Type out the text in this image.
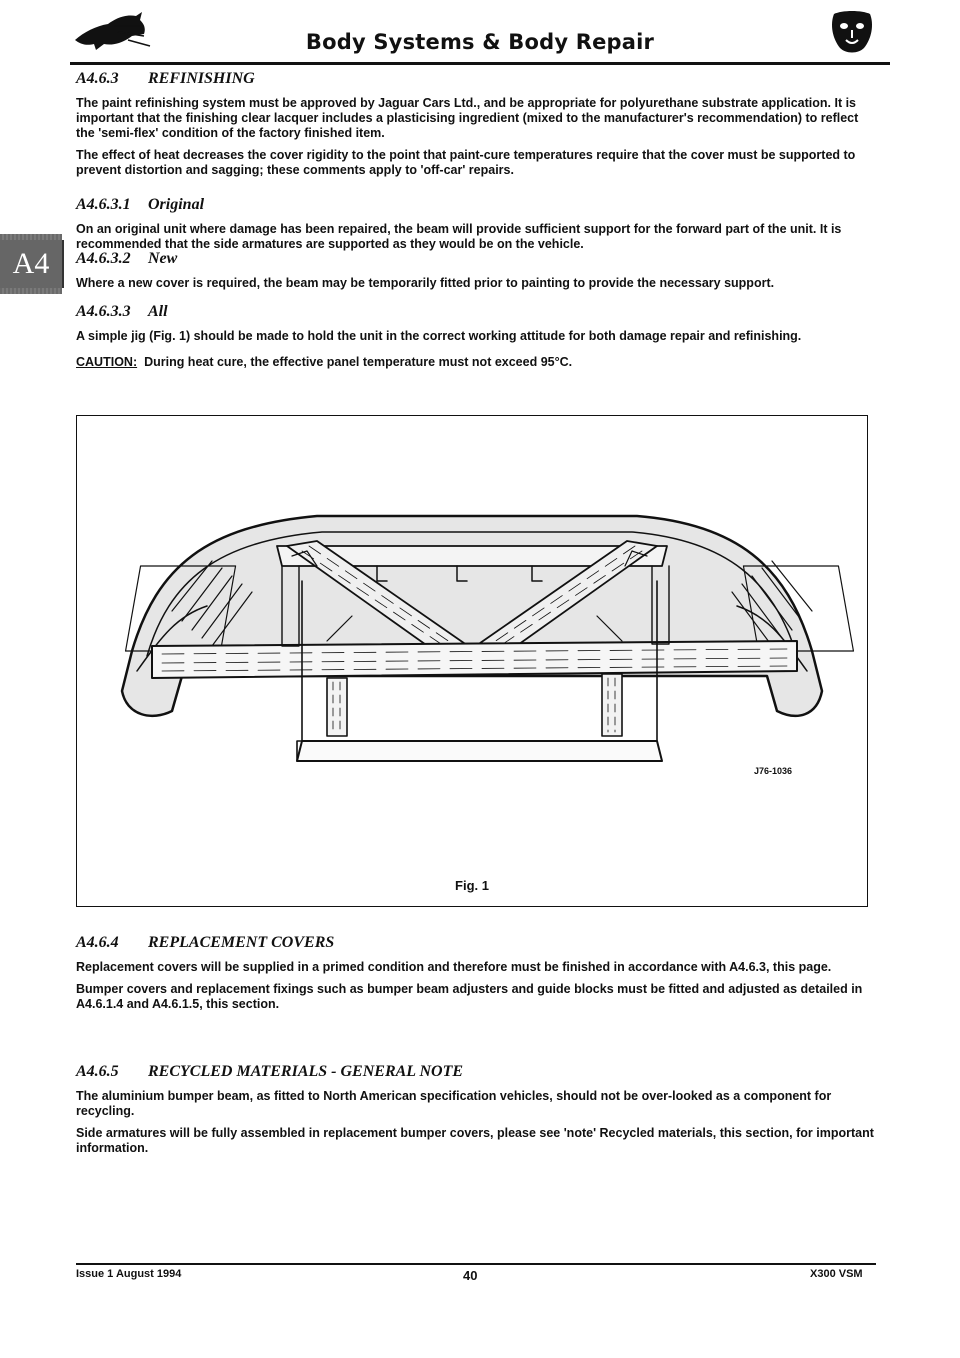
Body Systems & Body Repair
A4
A4.6.3 REFINISHING

The paint refinishing system must be approved by Jaguar Cars Ltd., and be appropriate for polyurethane substrate application. It is important that the finishing clear lacquer includes a plasticising ingredient (mixed to the manufacturer's recommendation) to reflect the 'semi-flex' condition of the factory finished item.

The effect of heat decreases the cover rigidity to the point that paint-cure temperatures require that the cover must be supported to prevent distortion and sagging; these comments apply to 'off-car' repairs.

A4.6.3.1 Original

On an original unit where damage has been repaired, the beam will provide sufficient support for the forward part of the unit. It is recommended that the side armatures are supported as they would be on the vehicle.

A4.6.3.2 New

Where a new cover is required, the beam may be temporarily fitted prior to painting to provide the necessary support.

A4.6.3.3 All

A simple jig (Fig. 1) should be made to hold the unit in the correct working attitude for both damage repair and refinishing.

CAUTION: During heat cure, the effective panel temperature must not exceed 95°C.

J76-1036
Fig. 1
A4.6.4 REPLACEMENT COVERS

Replacement covers will be supplied in a primed condition and therefore must be finished in accordance with A4.6.3, this page.

Bumper covers and replacement fixings such as bumper beam adjusters and guide blocks must be fitted and adjusted as detailed in A4.6.1.4 and A4.6.1.5, this section.

A4.6.5 RECYCLED MATERIALS - GENERAL NOTE

The aluminium bumper beam, as fitted to North American specification vehicles, should not be over-looked as a component for recycling.

Side armatures will be fully assembled in replacement bumper covers, please see 'note' Recycled materials, this section, for important information.

Issue 1 August 1994	40	X300 VSM
